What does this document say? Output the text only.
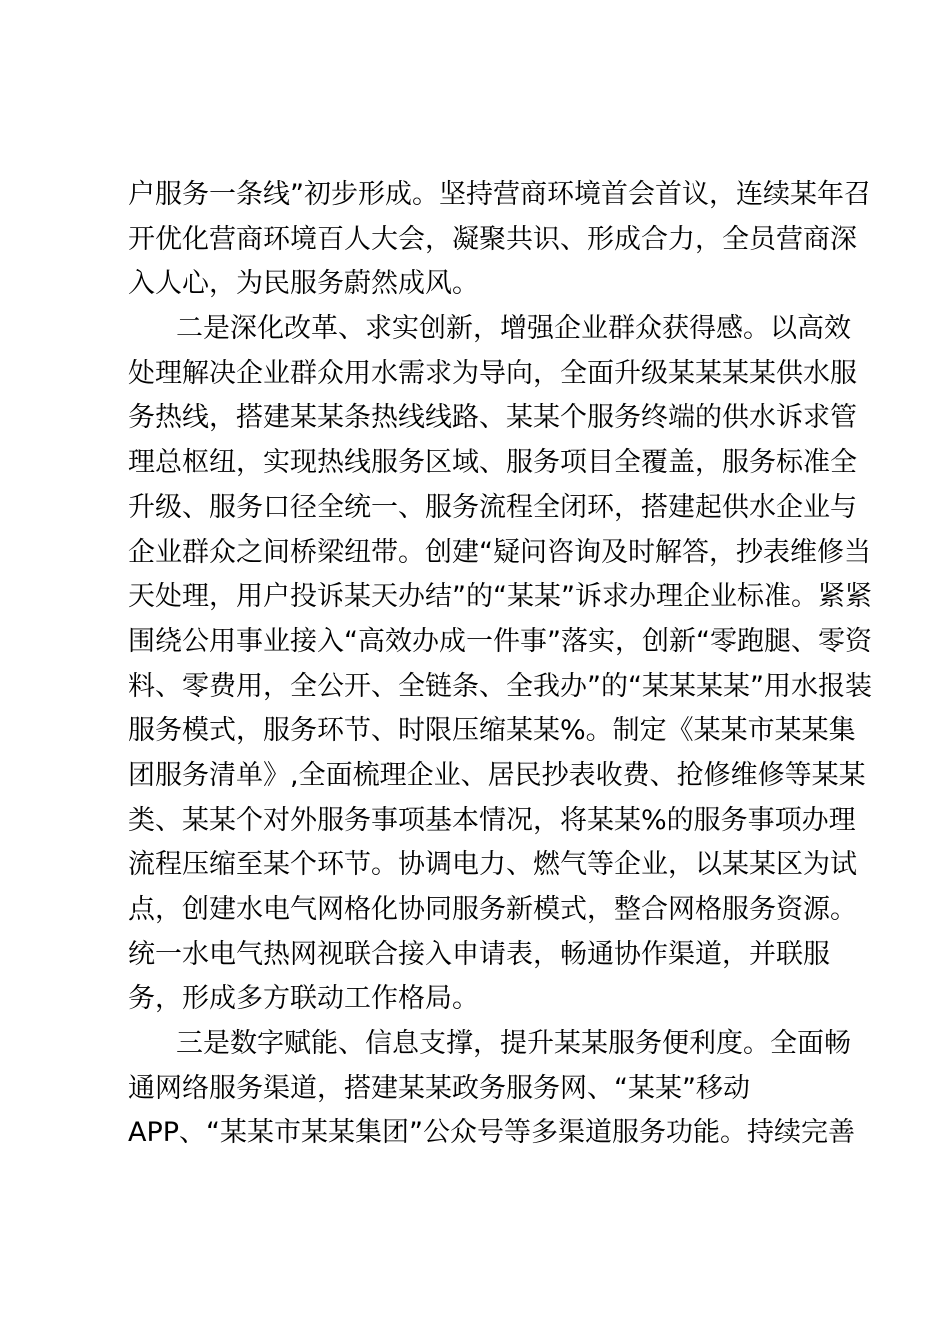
户服务一条线”初步形成。坚持营商环境首会首议，连续某年召
开优化营商环境百人大会，凝聚共识、形成合力，全员营商深
入人心，为民服务蔚然成风。
二是深化改革、求实创新，增强企业群众获得感。以高效
处理解决企业群众用水需求为导向，全面升级某某某某供水服
务热线，搭建某某条热线线路、某某个服务终端的供水诉求管
理总枢纽，实现热线服务区域、服务项目全覆盖，服务标准全
升级、服务口径全统一、服务流程全闭环，搭建起供水企业与
企业群众之间桥梁纽带。创建“疑问咨询及时解答，抄表维修当
天处理，用户投诉某天办结”的“某某”诉求办理企业标准。紧紧
围绕公用事业接入“高效办成一件事”落实，创新“零跑腿、零资
料、零费用，全公开、全链条、全我办”的“某某某某”用水报装
服务模式，服务环节、时限压缩某某%。制定《某某市某某集
团服务清单》,全面梳理企业、居民抄表收费、抢修维修等某某
类、某某个对外服务事项基本情况，将某某%的服务事项办理
流程压缩至某个环节。协调电力、燃气等企业，以某某区为试
点，创建水电气网格化协同服务新模式，整合网格服务资源。
统一水电气热网视联合接入申请表，畅通协作渠道，并联服
务，形成多方联动工作格局。
三是数字赋能、信息支撑，提升某某服务便利度。全面畅
通网络服务渠道，搭建某某政务服务网、“某某”移动
APP、“某某市某某集团”公众号等多渠道服务功能。持续完善
